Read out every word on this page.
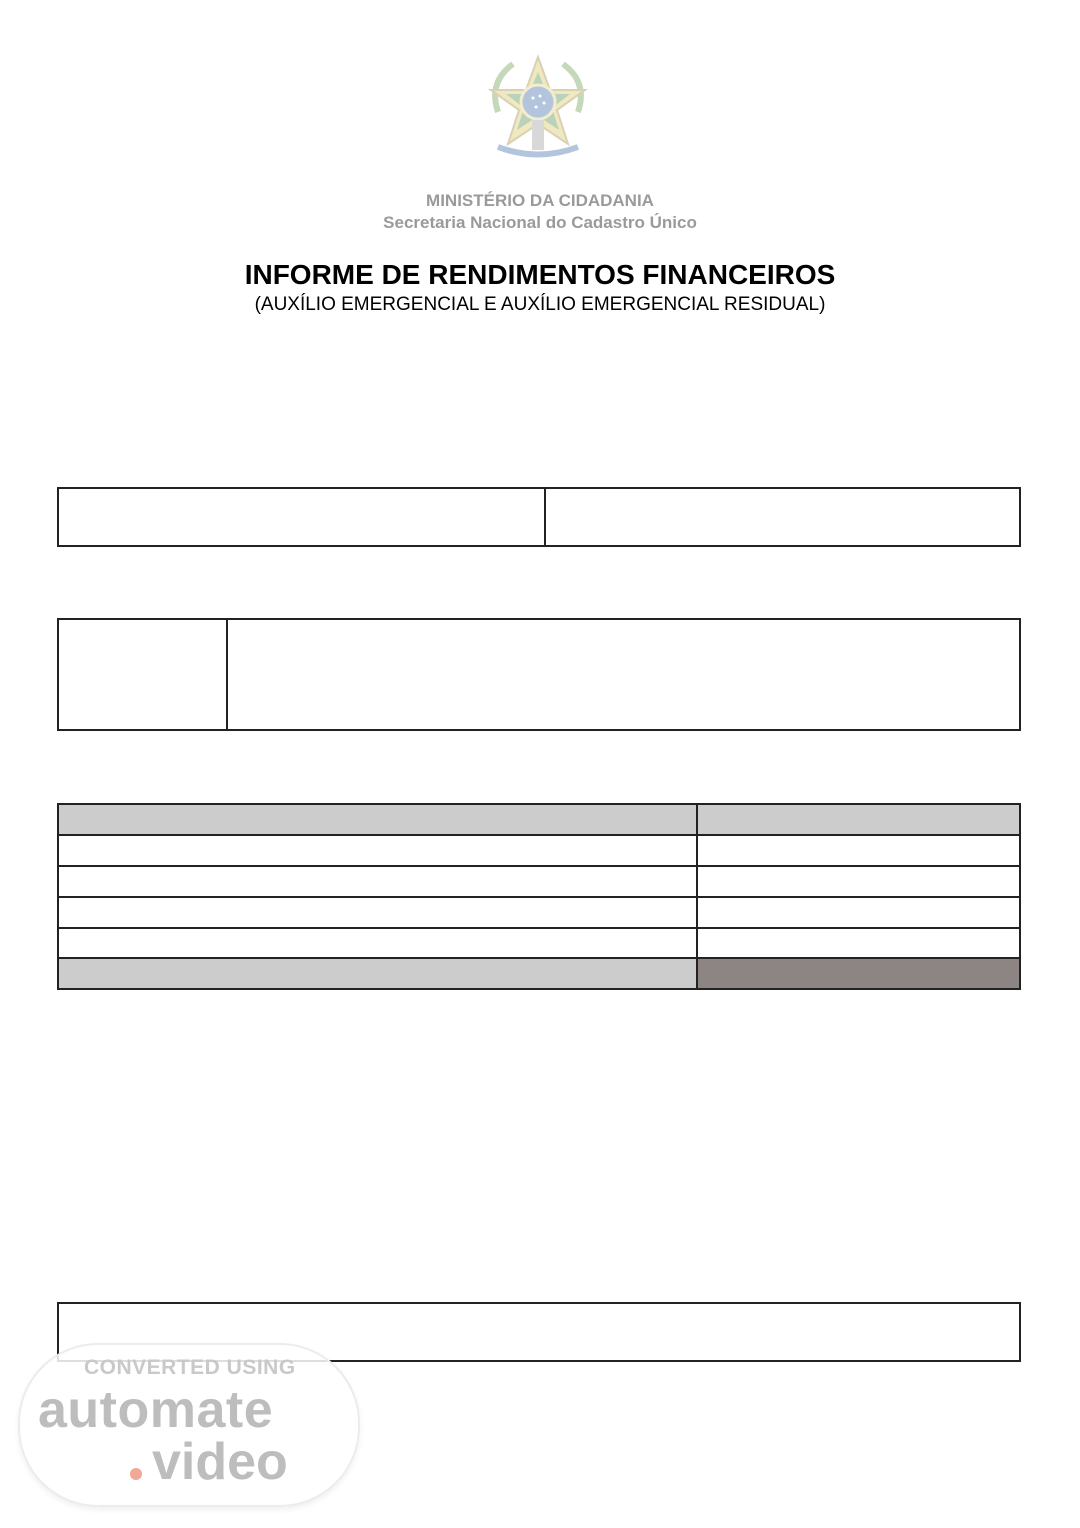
MINISTÉRIO DA CIDADANIA
Secretaria Nacional do Cadastro Único
INFORME DE RENDIMENTOS FINANCEIROS
(AUXÍLIO EMERGENCIAL E AUXÍLIO EMERGENCIAL RESIDUAL)
CONVERTED USING
automate
video
